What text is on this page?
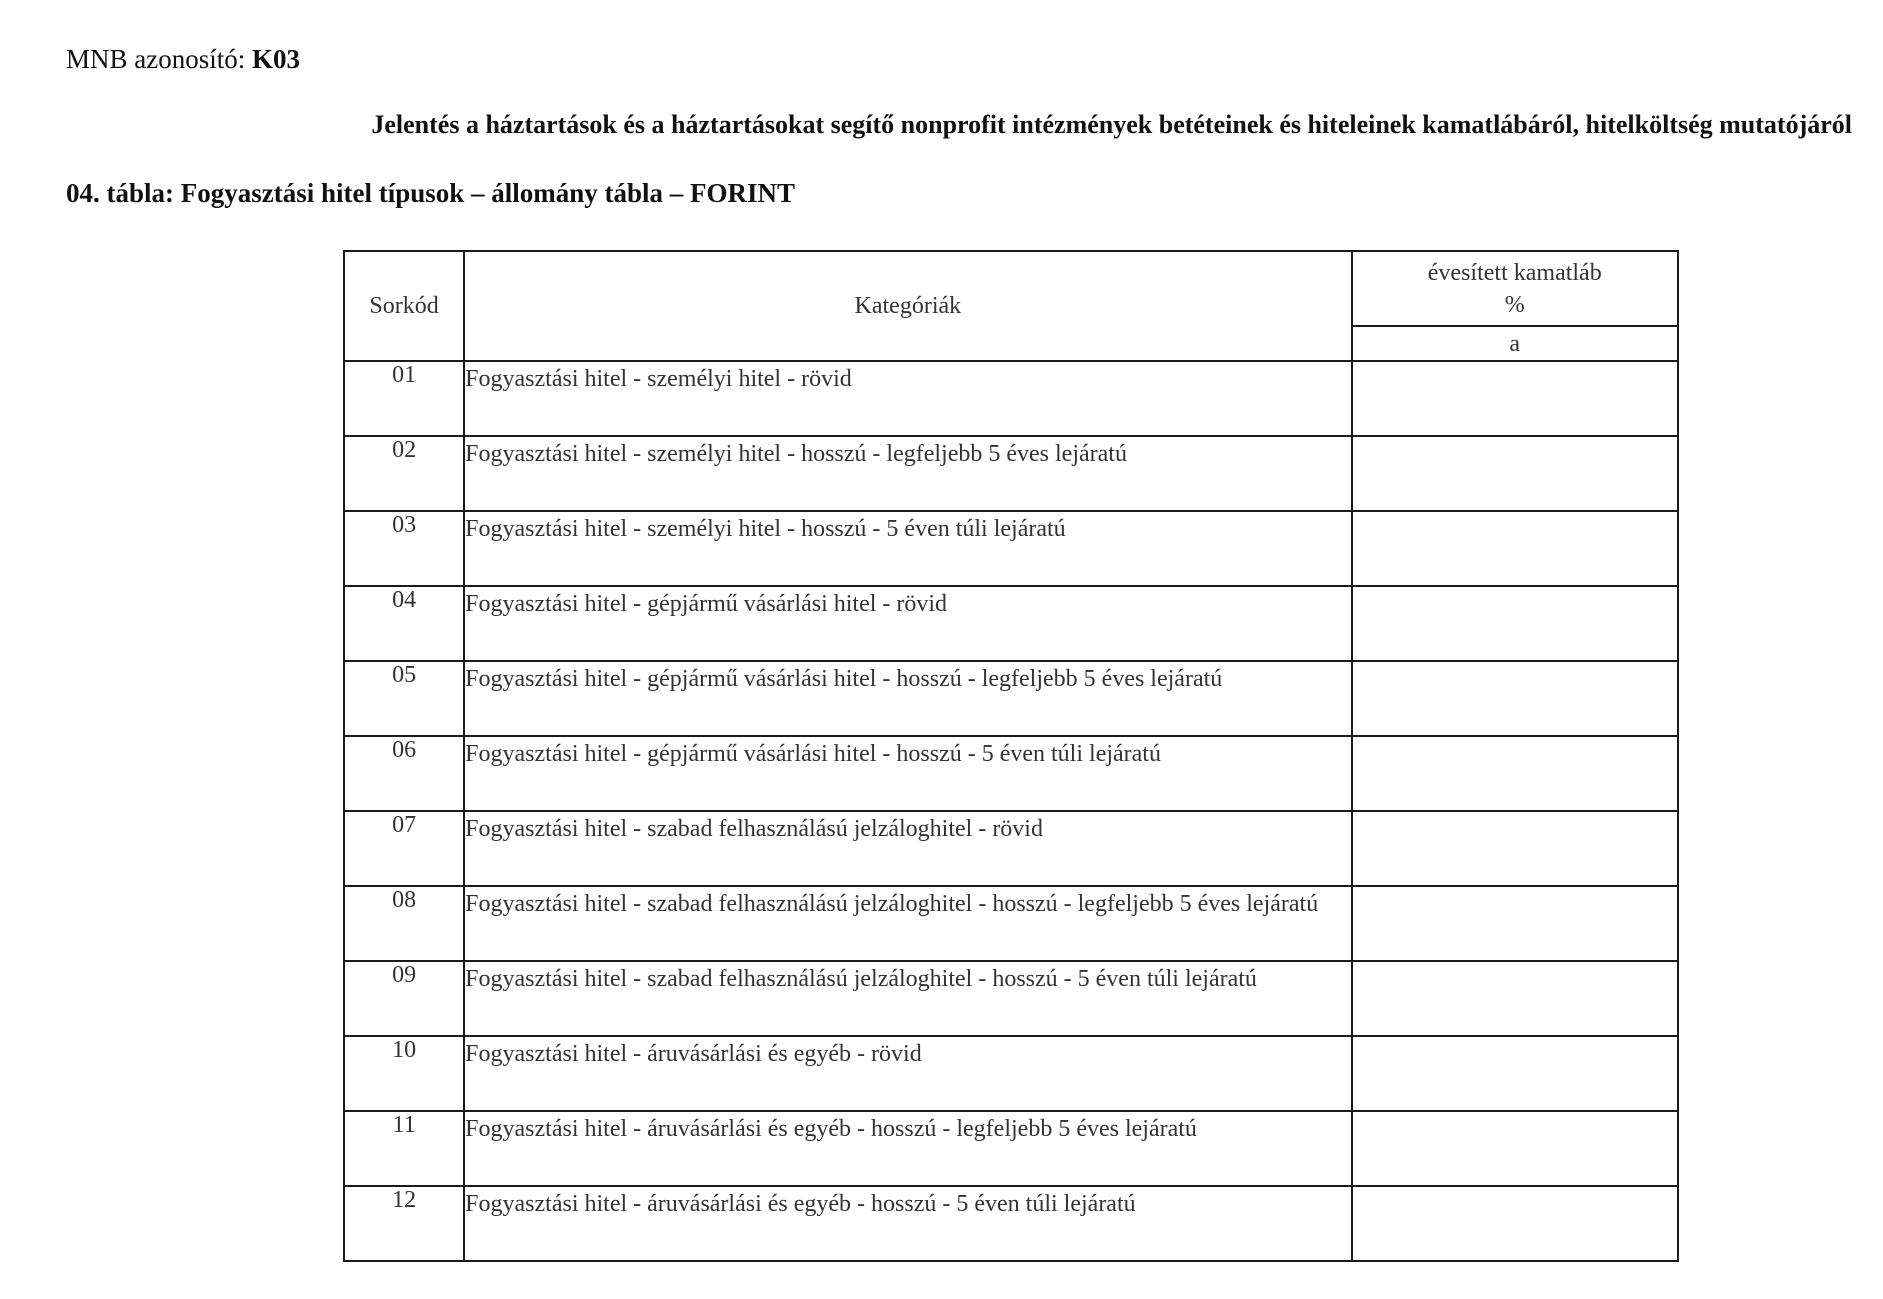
MNB azonosító: K03
Jelentés a háztartások és a háztartásokat segítő nonprofit intézmények betéteinek és hiteleinek kamatlábáról, hitelköltség mutatójáról
04. tábla: Fogyasztási hitel típusok – állomány tábla – FORINT
Sorkód	Kategóriák	évesített kamatláb
%
		a
01	Fogyasztási hitel - személyi hitel - rövid	
02	Fogyasztási hitel - személyi hitel - hosszú - legfeljebb 5 éves lejáratú	
03	Fogyasztási hitel - személyi hitel - hosszú - 5 éven túli lejáratú	
04	Fogyasztási hitel - gépjármű vásárlási hitel - rövid	
05	Fogyasztási hitel - gépjármű vásárlási hitel - hosszú - legfeljebb 5 éves lejáratú	
06	Fogyasztási hitel - gépjármű vásárlási hitel - hosszú - 5 éven túli lejáratú	
07	Fogyasztási hitel - szabad felhasználású jelzáloghitel - rövid	
08	Fogyasztási hitel - szabad felhasználású jelzáloghitel - hosszú - legfeljebb 5 éves lejáratú	
09	Fogyasztási hitel - szabad felhasználású jelzáloghitel - hosszú - 5 éven túli lejáratú	
10	Fogyasztási hitel - áruvásárlási és egyéb - rövid	
11	Fogyasztási hitel - áruvásárlási és egyéb - hosszú - legfeljebb 5 éves lejáratú	
12	Fogyasztási hitel - áruvásárlási és egyéb - hosszú - 5 éven túli lejáratú	
